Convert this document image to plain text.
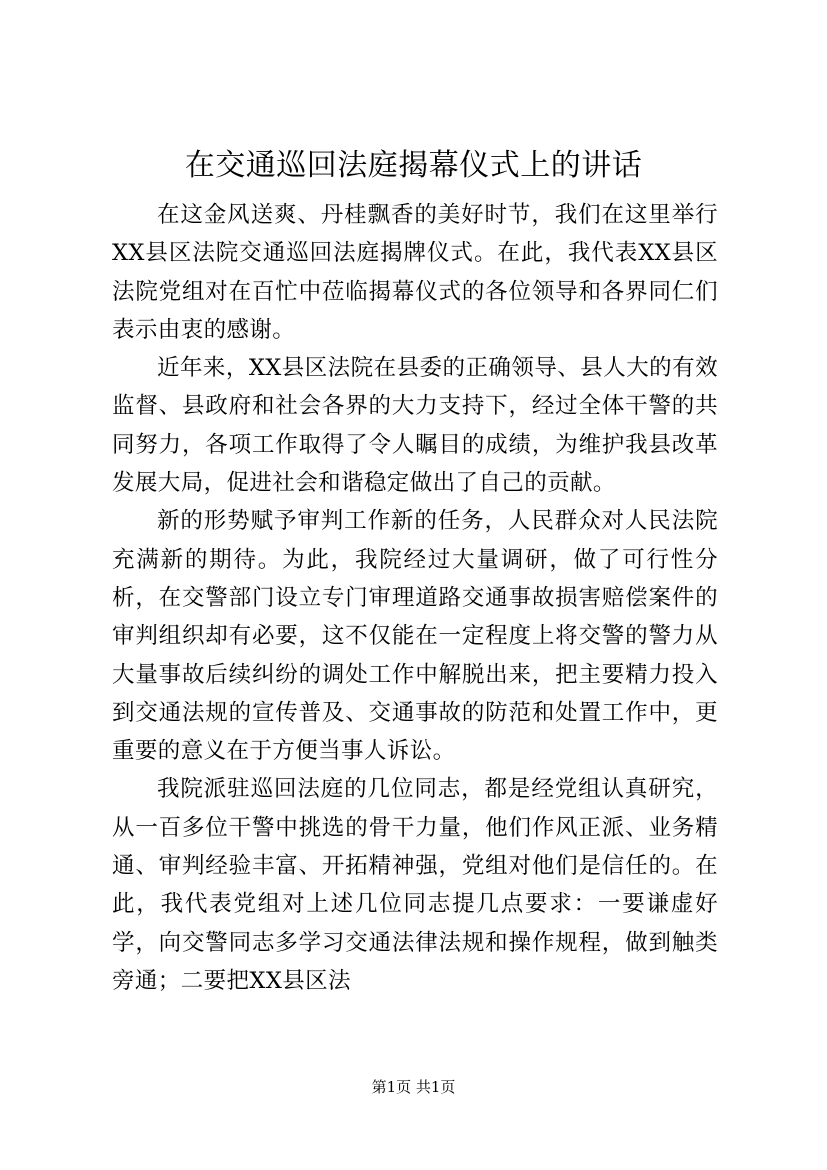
在交通巡回法庭揭幕仪式上的讲话

在这金风送爽、丹桂飘香的美好时节，我们在这里举行XX县区法院交通巡回法庭揭牌仪式。在此，我代表XX县区法院党组对在百忙中莅临揭幕仪式的各位领导和各界同仁们表示由衷的感谢。

近年来，XX县区法院在县委的正确领导、县人大的有效监督、县政府和社会各界的大力支持下，经过全体干警的共同努力，各项工作取得了令人瞩目的成绩，为维护我县改革发展大局，促进社会和谐稳定做出了自己的贡献。

新的形势赋予审判工作新的任务，人民群众对人民法院充满新的期待。为此，我院经过大量调研，做了可行性分析，在交警部门设立专门审理道路交通事故损害赔偿案件的审判组织却有必要，这不仅能在一定程度上将交警的警力从大量事故后续纠纷的调处工作中解脱出来，把主要精力投入到交通法规的宣传普及、交通事故的防范和处置工作中，更重要的意义在于方便当事人诉讼。

我院派驻巡回法庭的几位同志，都是经党组认真研究，从一百多位干警中挑选的骨干力量，他们作风正派、业务精通、审判经验丰富、开拓精神强，党组对他们是信任的。在此，我代表党组对上述几位同志提几点要求：一要谦虚好学，向交警同志多学习交通法律法规和操作规程，做到触类旁通；二要把XX县区法

第1页 共1页
